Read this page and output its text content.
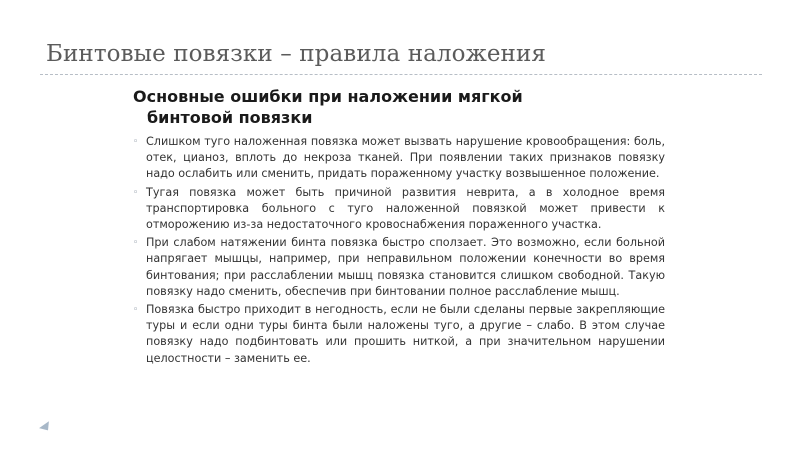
Бинтовые повязки – правила наложения
Основные ошибки при наложении мягкой
бинтовой повязки
◦ Слишком туго наложенная повязка может вызвать нарушение кровообращения: боль, отек, цианоз, вплоть до некроза тканей. При появлении таких признаков повязку надо ослабить или сменить, придать пораженному участку возвышенное положение.
◦ Тугая повязка может быть причиной развития неврита, а в холодное время транспортировка больного с туго наложенной повязкой может привести к отморожению из-за недостаточного кровоснабжения пораженного участка.
◦ При слабом натяжении бинта повязка быстро сползает. Это возможно, если больной напрягает мышцы, например, при неправильном положении конечности во время бинтования; при расслаблении мышц повязка становится слишком свободной. Такую повязку надо сменить, обеспечив при бинтовании полное расслабление мышц.
◦ Повязка быстро приходит в негодность, если не были сделаны первые закрепляющие туры и если одни туры бинта были наложены туго, а другие – слабо. В этом случае повязку надо подбинтовать или прошить ниткой, а при значительном нарушении целостности – заменить ее.
